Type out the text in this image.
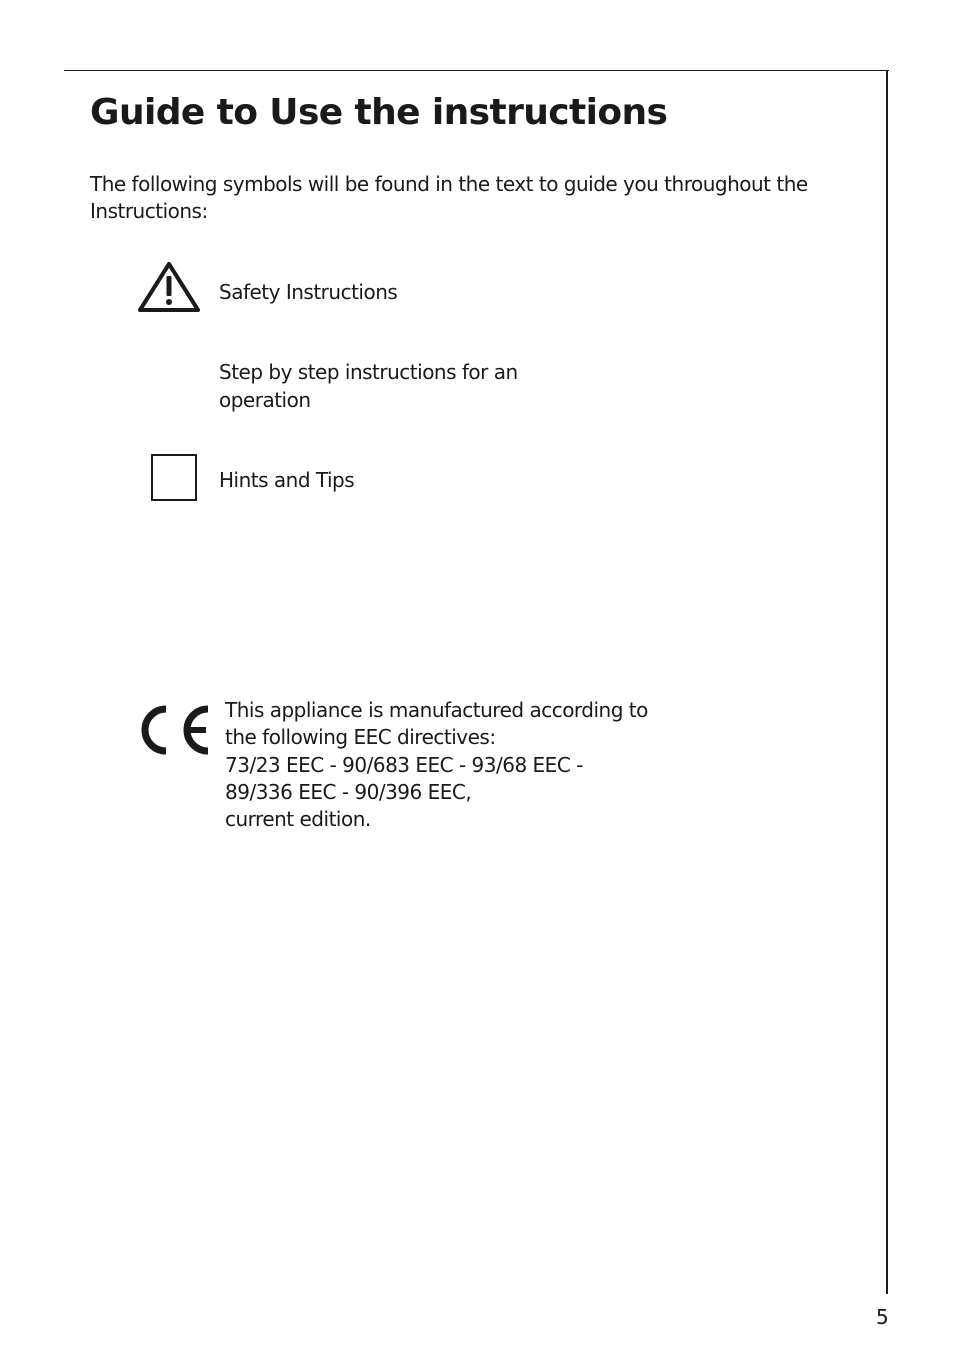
Guide to Use the instructions

The following symbols will be found in the text to guide you throughout the Instructions:

Safety Instructions

Step by step instructions for an operation

Hints and Tips

This appliance is manufactured according to
the following EEC directives:
73/23 EEC - 90/683 EEC - 93/68 EEC -
89/336 EEC - 90/396 EEC,
current edition.

5
